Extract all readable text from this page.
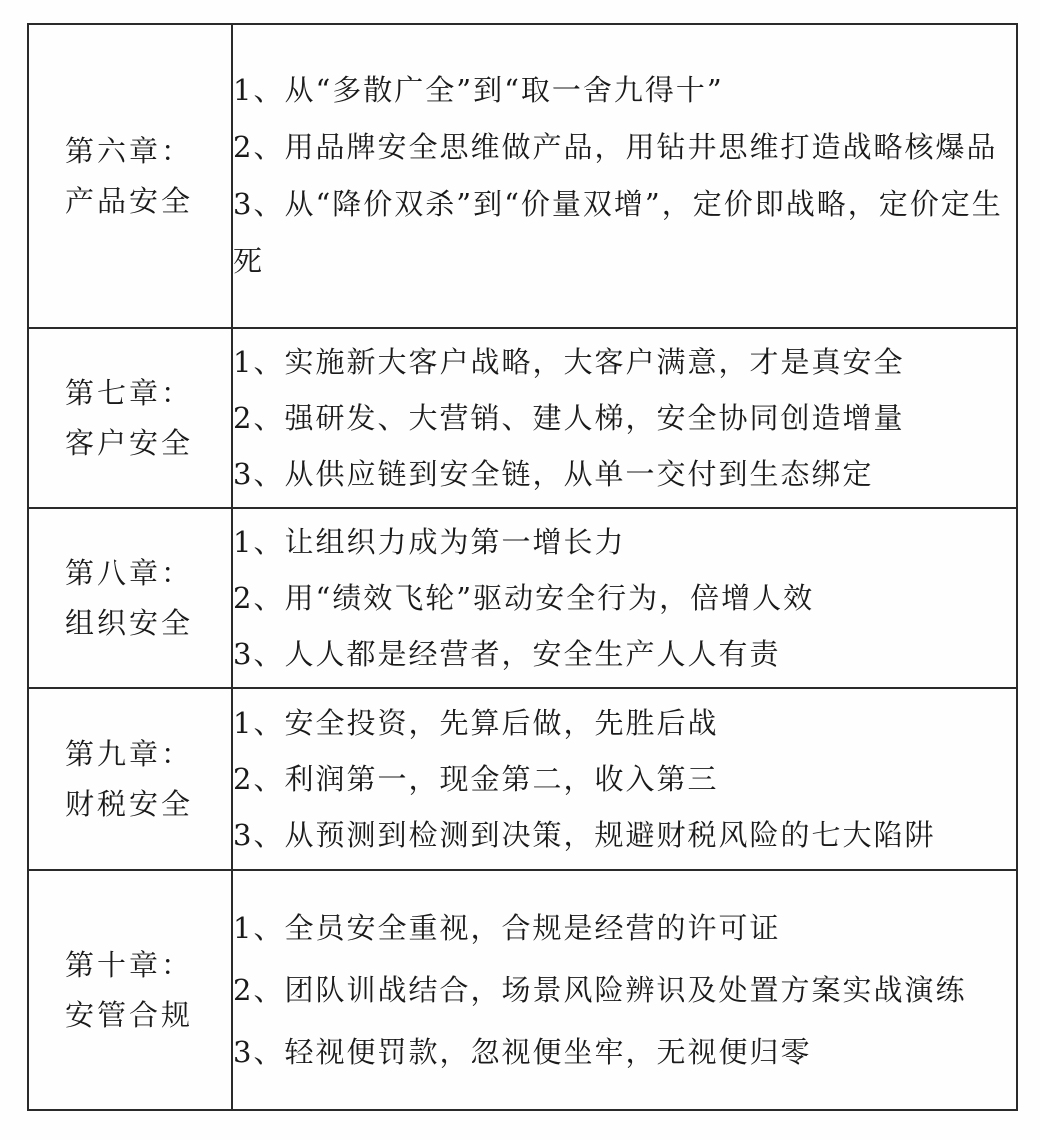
第六章：
产品安全	1、从“多散广全”到“取一舍九得十”
2、用品牌安全思维做产品，用钻井思维打造战略核爆品
3、从“降价双杀”到“价量双增”，定价即战略，定价定生死

第七章：
客户安全	1、实施新大客户战略，大客户满意，才是真安全
2、强研发、大营销、建人梯，安全协同创造增量
3、从供应链到安全链，从单一交付到生态绑定

第八章：
组织安全	1、让组织力成为第一增长力
2、用“绩效飞轮”驱动安全行为，倍增人效
3、人人都是经营者，安全生产人人有责

第九章：
财税安全	1、安全投资，先算后做，先胜后战
2、利润第一，现金第二，收入第三
3、从预测到检测到决策，规避财税风险的七大陷阱

第十章：
安管合规	1、全员安全重视，合规是经营的许可证
2、团队训战结合，场景风险辨识及处置方案实战演练
3、轻视便罚款，忽视便坐牢，无视便归零
